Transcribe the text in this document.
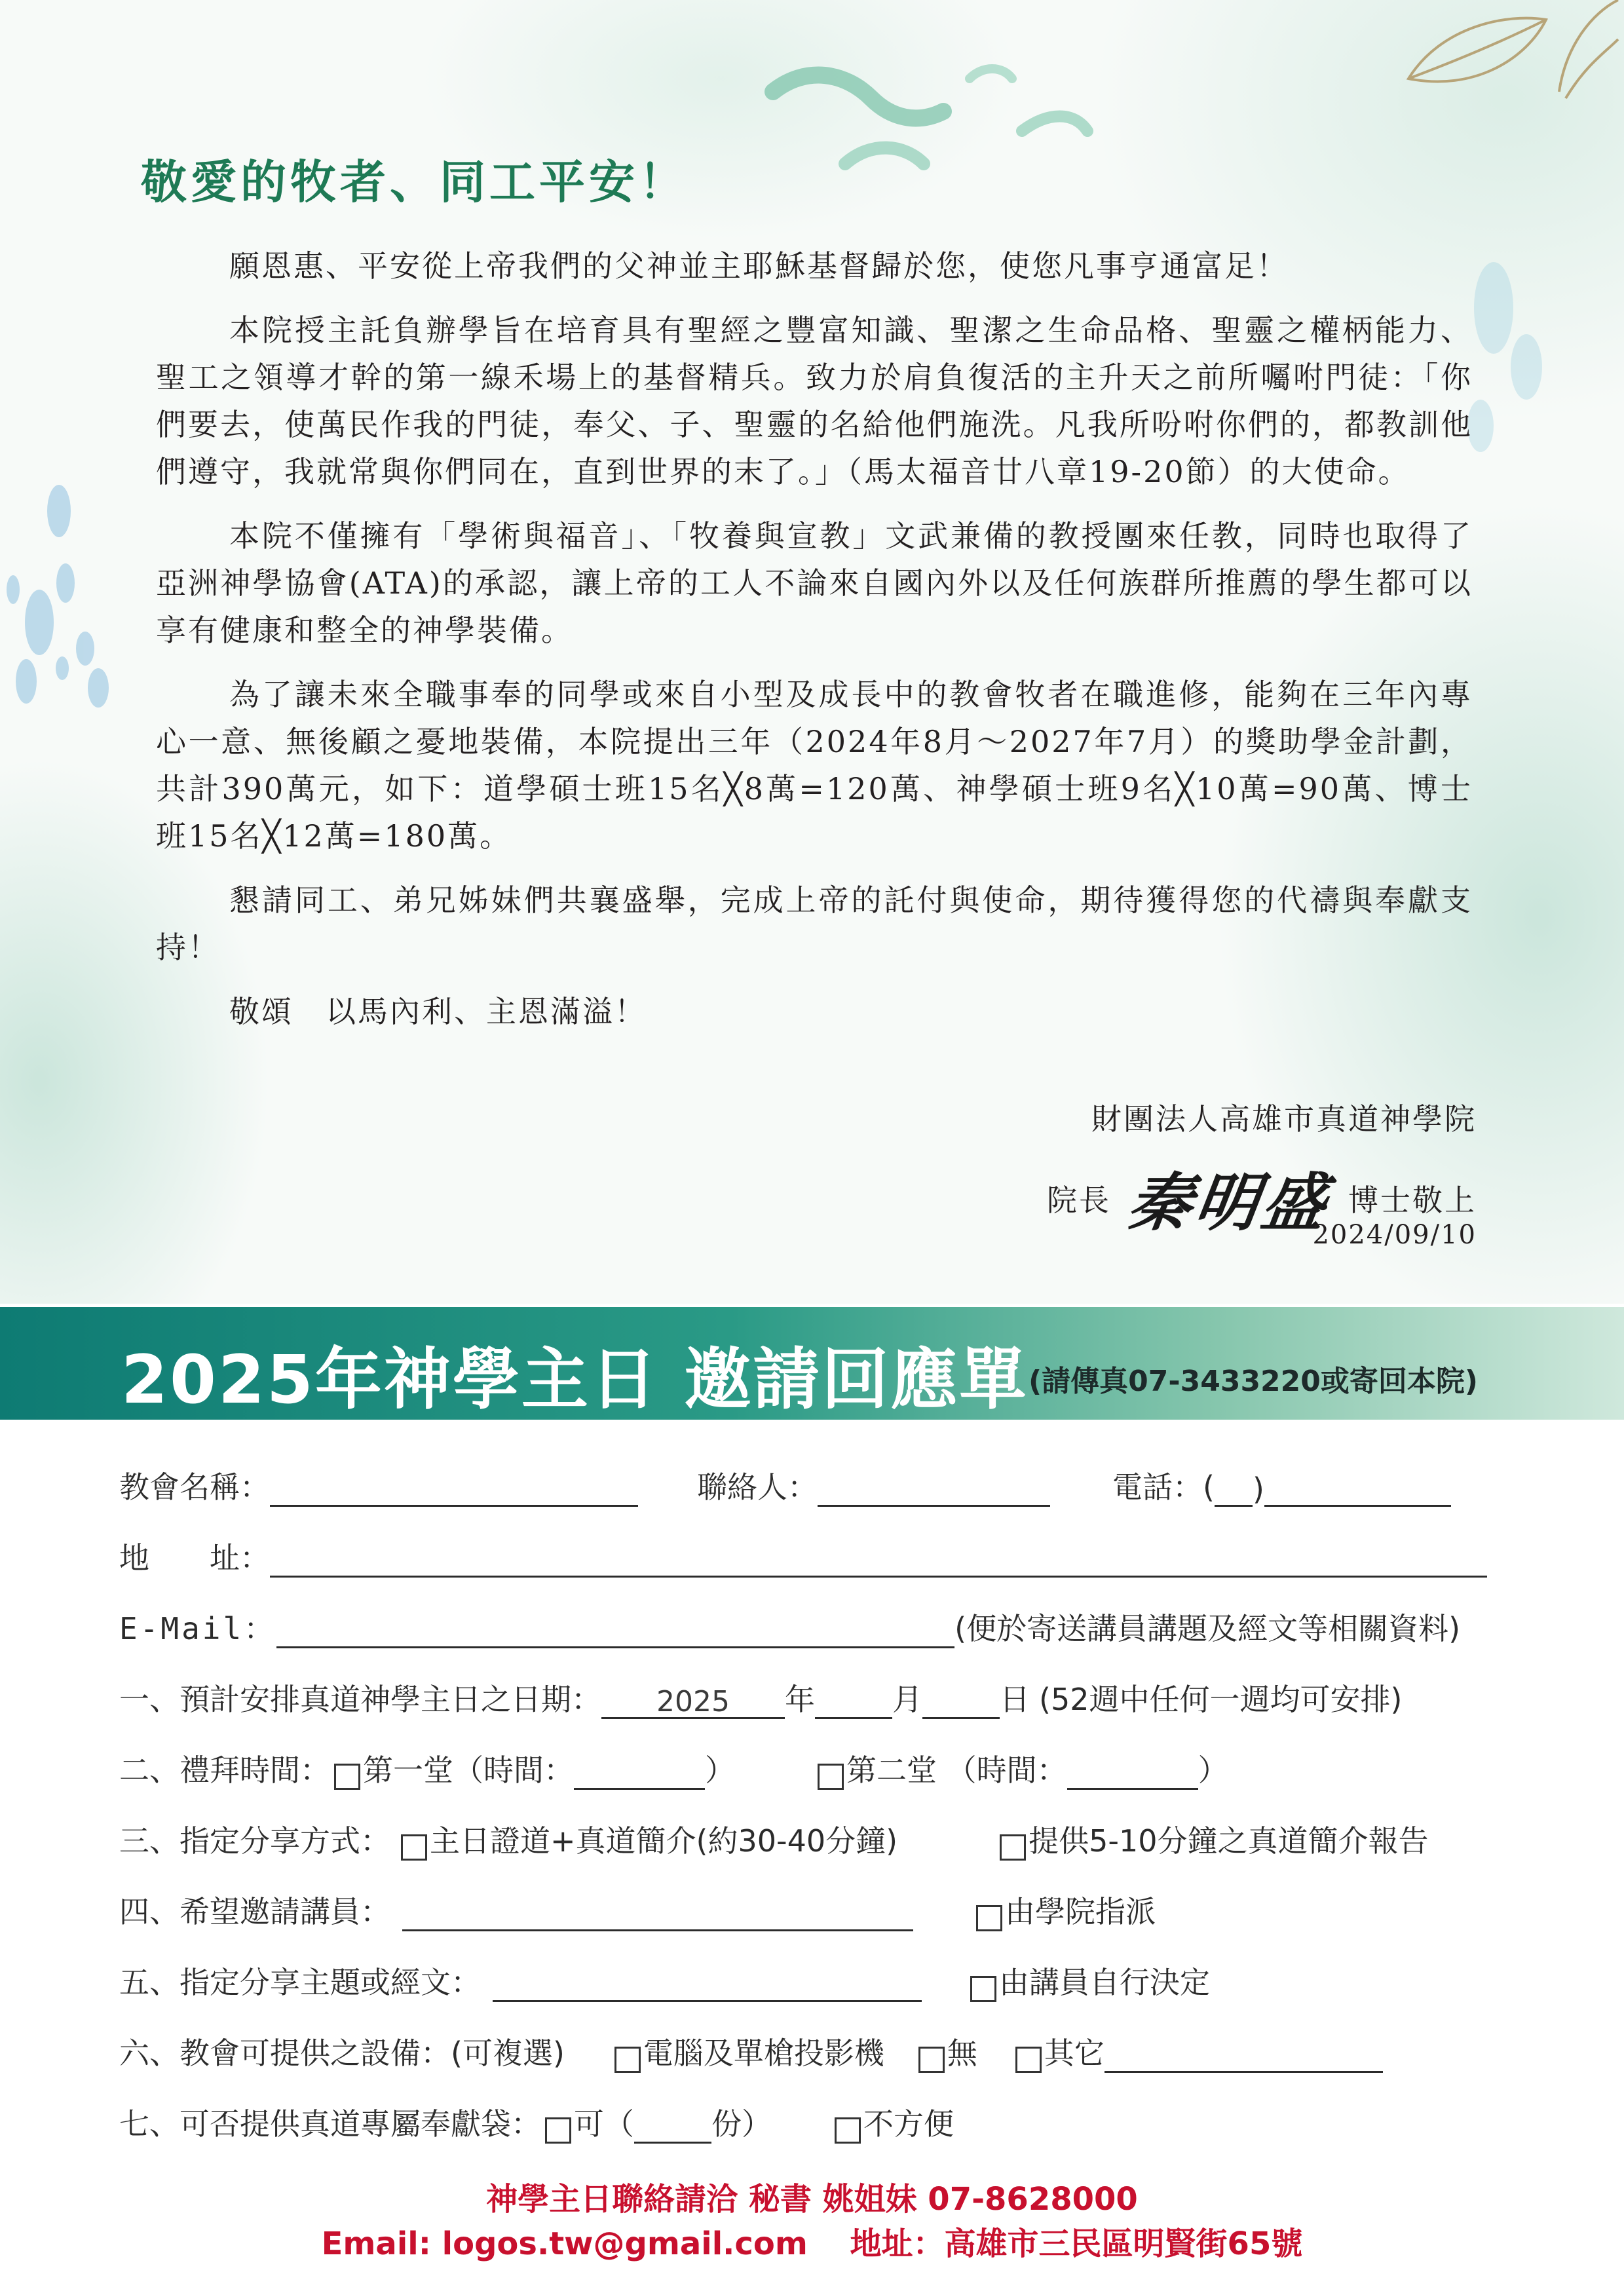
敬愛的牧者、同工平安！

願恩惠、平安從上帝我們的父神並主耶穌基督歸於您，使您凡事亨通富足！

本院授主託負辦學旨在培育具有聖經之豐富知識、聖潔之生命品格、聖靈之權柄能力、聖工之領導才幹的第一線禾場上的基督精兵。致力於肩負復活的主升天之前所囑咐門徒：「你們要去，使萬民作我的門徒，奉父、子、聖靈的名給他們施洗。凡我所吩咐你們的，都教訓他們遵守，我就常與你們同在，直到世界的末了。」（馬太福音廿八章19-20節）的大使命。

本院不僅擁有「學術與福音」、「牧養與宣教」文武兼備的教授團來任教，同時也取得了亞洲神學協會(ATA)的承認，讓上帝的工人不論來自國內外以及任何族群所推薦的學生都可以享有健康和整全的神學裝備。

為了讓未來全職事奉的同學或來自小型及成長中的教會牧者在職進修，能夠在三年內專心一意、無後顧之憂地裝備，本院提出三年（2024年8月～2027年7月）的獎助學金計劃，共計390萬元，如下：道學碩士班15名╳8萬=120萬、神學碩士班9名╳10萬=90萬、博士班15名╳12萬=180萬。

懇請同工、弟兄姊妹們共襄盛舉，完成上帝的託付與使命，期待獲得您的代禱與奉獻支持！

敬頌　以馬內利、主恩滿溢！

財團法人高雄市真道神學院
院長 秦明盛 博士敬上
2024/09/10
2025年神學主日 邀請回應單 (請傳真07-3433220或寄回本院)
教會名稱：	聯絡人：	電話：( )
地　　址：
E-Mail：	(便於寄送講員講題及經文等相關資料)
一、預計安排真道神學主日之日期：	2025	年	月	日 (52週中任何一週均可安排)
二、禮拜時間： 第一堂（時間：	）	第二堂 （時間：	）
三、指定分享方式： 主日證道+真道簡介(約30-40分鐘)	提供5-10分鐘之真道簡介報告
四、希望邀請講員：	由學院指派
五、指定分享主題或經文：	由講員自行決定
六、教會可提供之設備：(可複選)	電腦及單槍投影機 無 其它
七、可否提供真道專屬奉獻袋： 可（	份）	不方便
神學主日聯絡請洽 秘書 姚姐妹 07-8628000
Email: logos.tw@gmail.com　 地址：高雄市三民區明賢街65號
